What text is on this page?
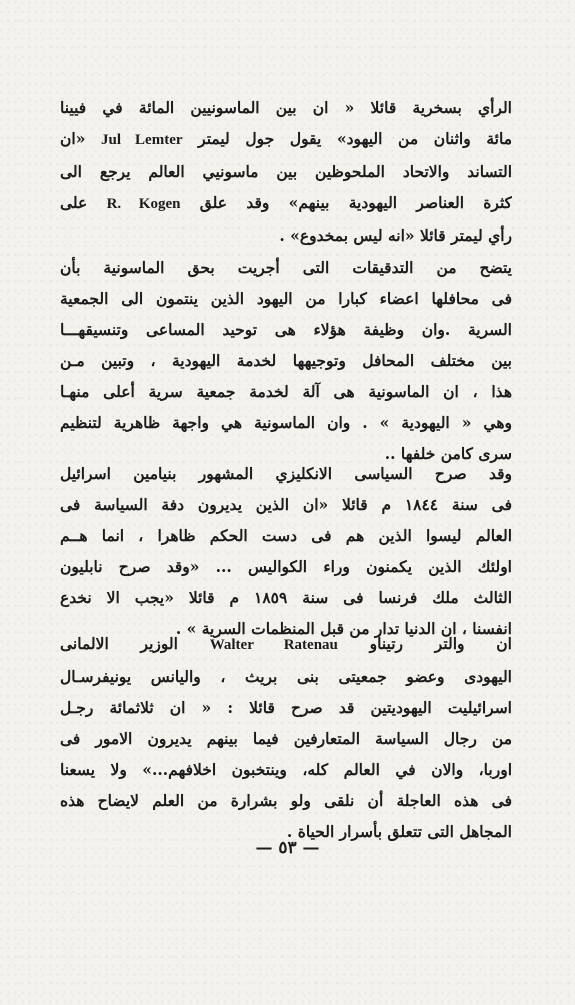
الرأي بسخرية قائلا « ان بين الماسونيين المائة في فيينا
مائة واثنان من اليهود» يقول جول ليمتر Jul Lemter «ان
التساند والاتحاد الملحوظين بين ماسونيي العالم يرجع الى
كثرة العناصر اليهودية بينهم» وقد علق R. Kogen على
رأي ليمتر قائلا «انه ليس بمخدوع» .
يتضح من التدقيقات التى أجريت بحق الماسونية بأن
فى محافلها اعضاء كبارا من اليهود الذين ينتمون الى الجمعية
السرية .وان وظيفة هؤلاء هى توحيد المساعى وتنسيقهـــا
بين مختلف المحافل وتوجيهها لخدمة اليهودية ، وتبين مـن
هذا ، ان الماسونية هى آلة لخدمة جمعية سرية أعلى منهـا
وهي « اليهودية » . وان الماسونية هي واجهة ظاهرية لتنظيم
سرى كامن خلفها ..
وقد صرح السياسى الانكليزي المشهور بنيامين اسرائيل
فى سنة ١٨٤٤ م قائلا «ان الذين يديرون دفة السياسة فى
العالم ليسوا الذين هم فى دست الحكم ظاهرا ، انما هــم
اولئك الذين يكمنون وراء الكواليس ... «وقد صرح نابليون
الثالث ملك فرنسا فى سنة ١٨٥٩ م قائلا «يجب الا نخدع
انفسنا ، ان الدنيا تدار من قبل المنظمات السرية » .
ان والتر رتيناو Walter Ratenau الوزير الالمانى
اليهودى وعضو جمعيتى بنى بريث ، واليانس يونيفرسـال
اسرائيليت اليهوديتين قد صرح قائلا : « ان ثلاثمائة رجـل
من رجال السياسة المتعارفين فيما بينهم يديرون الامور فى
اوربا، والان في العالم كله، وينتخبون اخلافهم...» ولا يسعنا
فى هذه العاجلة أن نلقى ولو بشرارة من العلم لايضاح هذه
المجاهل التى تتعلق بأسرار الحياة .
— ٥٣ —
